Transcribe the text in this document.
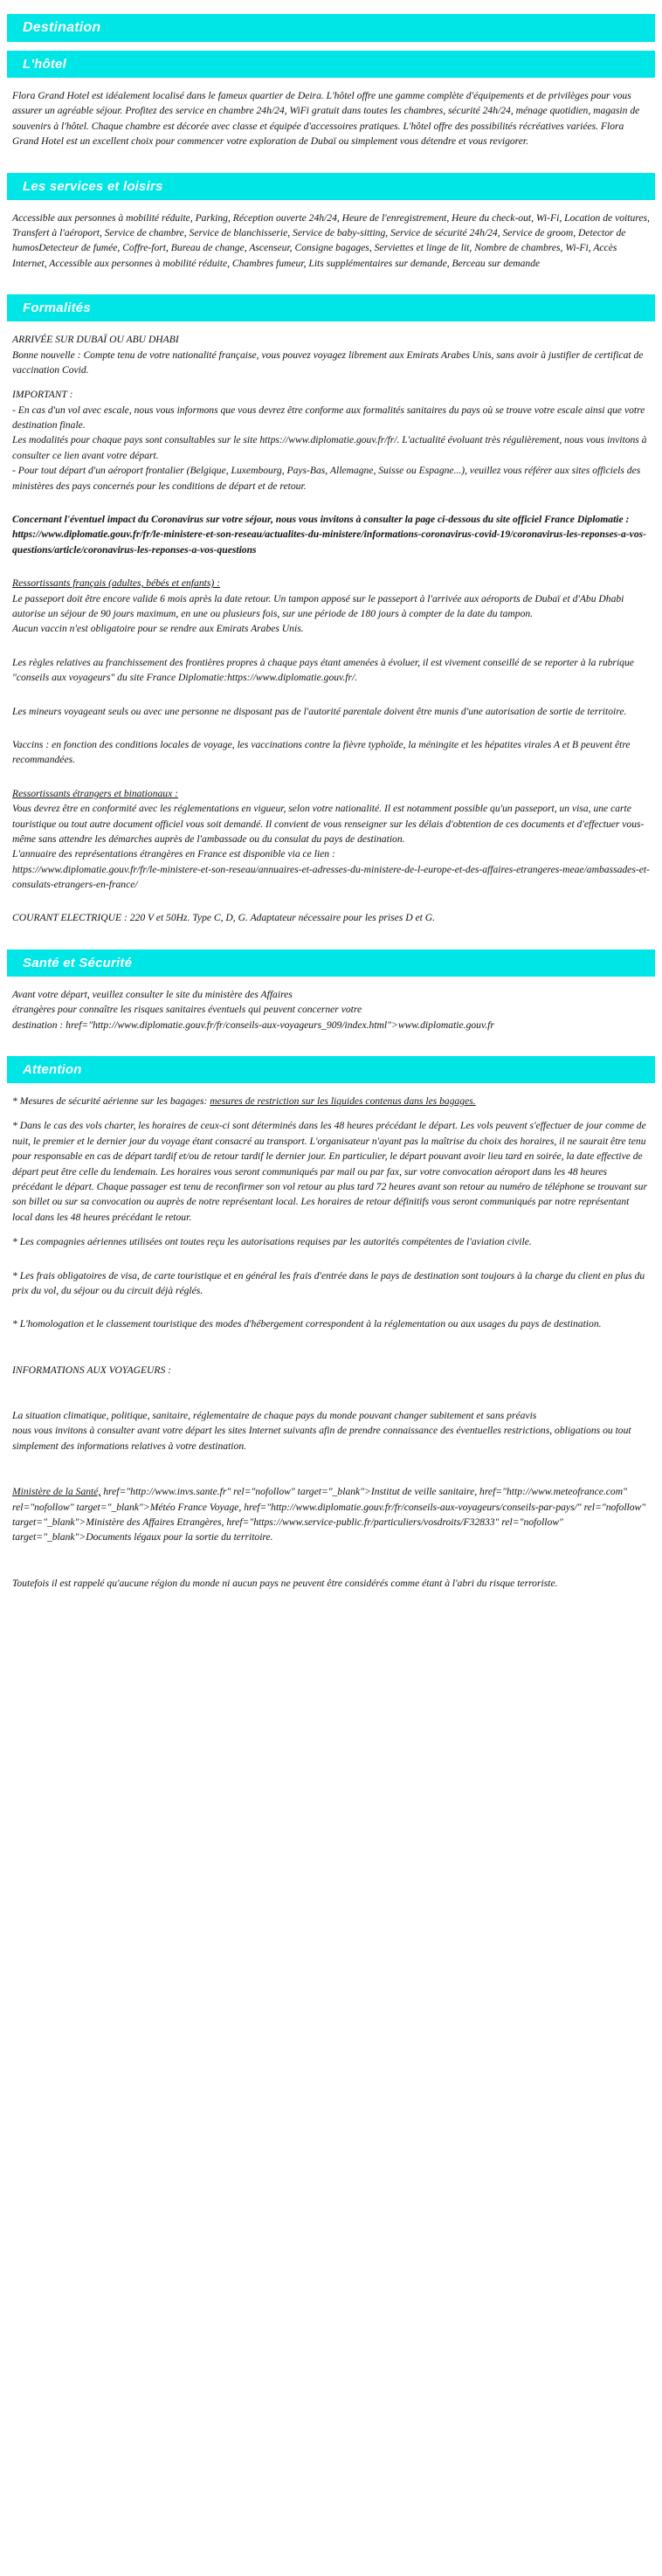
Destination
L'hôtel

Flora Grand Hotel est idéalement localisé dans le fameux quartier de Deira. L'hôtel offre une gamme complète d'équipements et de privilèges pour vous assurer un agréable séjour. Profitez des service en chambre 24h/24, WiFi gratuit dans toutes les chambres, sécurité 24h/24, ménage quotidien, magasin de souvenirs à l'hôtel. Chaque chambre est décorée avec classe et équipée d'accessoires pratiques. L'hôtel offre des possibilités récréatives variées. Flora Grand Hotel est un excellent choix pour commencer votre exploration de Dubaï ou simplement vous détendre et vous revigorer.

Les services et loisirs

Accessible aux personnes à mobilité réduite, Parking, Réception ouverte 24h/24, Heure de l'enregistrement, Heure du check-out, Wi-Fi, Location de voitures, Transfert à l'aéroport, Service de chambre, Service de blanchisserie, Service de baby-sitting, Service de sécurité 24h/24, Service de groom, Detector de humosDetecteur de fumée, Coffre-fort, Bureau de change, Ascenseur, Consigne bagages, Serviettes et linge de lit, Nombre de chambres, Wi-Fi, Accès Internet, Accessible aux personnes à mobilité réduite, Chambres fumeur, Lits supplémentaires sur demande, Berceau sur demande

Formalités

ARRIVÉE SUR DUBAÏ OU ABU DHABI

Bonne nouvelle : Compte tenu de votre nationalité française, vous pouvez voyagez librement aux Emirats Arabes Unis, sans avoir à justifier de certificat de vaccination Covid.

IMPORTANT :

- En cas d'un vol avec escale, nous vous informons que vous devrez être conforme aux formalités sanitaires du pays où se trouve votre escale ainsi que votre destination finale.

Les modalités pour chaque pays sont consultables sur le site https://www.diplomatie.gouv.fr/fr/. L'actualité évoluant très régulièrement, nous vous invitons à consulter ce lien avant votre départ.

- Pour tout départ d'un aéroport frontalier (Belgique, Luxembourg, Pays-Bas, Allemagne, Suisse ou Espagne...), veuillez vous référer aux sites officiels des ministères des pays concernés pour les conditions de départ et de retour.

Concernant l'éventuel impact du Coronavirus sur votre séjour, nous vous invitons à consulter la page ci-dessous du site officiel France Diplomatie :

https://www.diplomatie.gouv.fr/fr/le-ministere-et-son-reseau/actualites-du-ministere/informations-coronavirus-covid-19/coronavirus-les-reponses-a-vos-questions/article/coronavirus-les-reponses-a-vos-questions

Ressortissants français (adultes, bébés et enfants) :

Le passeport doit être encore valide 6 mois après la date retour. Un tampon apposé sur le passeport à l'arrivée aux aéroports de Dubaï et d'Abu Dhabi autorise un séjour de 90 jours maximum, en une ou plusieurs fois, sur une période de 180 jours à compter de la date du tampon.

Aucun vaccin n'est obligatoire pour se rendre aux Emirats Arabes Unis.

Les règles relatives au franchissement des frontières propres à chaque pays étant amenées à évoluer, il est vivement conseillé de se reporter à la rubrique "conseils aux voyageurs" du site France Diplomatie:https://www.diplomatie.gouv.fr/.

Les mineurs voyageant seuls ou avec une personne ne disposant pas de l'autorité parentale doivent être munis d'une autorisation de sortie de territoire.

Vaccins : en fonction des conditions locales de voyage, les vaccinations contre la fièvre typhoïde, la méningite et les hépatites virales A et B peuvent être recommandées.

Ressortissants étrangers et binationaux :

Vous devrez être en conformité avec les réglementations en vigueur, selon votre nationalité. Il est notamment possible qu'un passeport, un visa, une carte touristique ou tout autre document officiel vous soit demandé. Il convient de vous renseigner sur les délais d'obtention de ces documents et d'effectuer vous-même sans attendre les démarches auprès de l'ambassade ou du consulat du pays de destination.

L'annuaire des représentations étrangères en France est disponible via ce lien :

https://www.diplomatie.gouv.fr/fr/le-ministere-et-son-reseau/annuaires-et-adresses-du-ministere-de-l-europe-et-des-affaires-etrangeres-meae/ambassades-et-consulats-etrangers-en-france/

COURANT ELECTRIQUE : 220 V et 50Hz. Type C, D, G. Adaptateur nécessaire pour les prises D et G.

Santé et Sécurité

Avant votre départ, veuillez consulter le site du ministère des Affaires

étrangères pour connaître les risques sanitaires éventuels qui peuvent concerner votre

destination : href="http://www.diplomatie.gouv.fr/fr/conseils-aux-voyageurs_909/index.html">www.diplomatie.gouv.fr

Attention

* Mesures de sécurité aérienne sur les bagages: mesures de restriction sur les liquides contenus dans les bagages.

* Dans le cas des vols charter, les horaires de ceux-ci sont déterminés dans les 48 heures précédant le départ. Les vols peuvent s'effectuer de jour comme de nuit, le premier et le dernier jour du voyage étant consacré au transport. L'organisateur n'ayant pas la maîtrise du choix des horaires, il ne saurait être tenu pour responsable en cas de départ tardif et/ou de retour tardif le dernier jour. En particulier, le départ pouvant avoir lieu tard en soirée, la date effective de départ peut être celle du lendemain. Les horaires vous seront communiqués par mail ou par fax, sur votre convocation aéroport dans les 48 heures précédant le départ. Chaque passager est tenu de reconfirmer son vol retour au plus tard 72 heures avant son retour au numéro de téléphone se trouvant sur son billet ou sur sa convocation ou auprès de notre représentant local. Les horaires de retour définitifs vous seront communiqués par notre représentant local dans les 48 heures précédant le retour.

* Les compagnies aériennes utilisées ont toutes reçu les autorisations requises par les autorités compétentes de l'aviation civile.

* Les frais obligatoires de visa, de carte touristique et en général les frais d'entrée dans le pays de destination sont toujours à la charge du client en plus du prix du vol, du séjour ou du circuit déjà réglés.

* L'homologation et le classement touristique des modes d'hébergement correspondent à la réglementation ou aux usages du pays de destination.

INFORMATIONS AUX VOYAGEURS :

La situation climatique, politique, sanitaire, réglementaire de chaque pays du monde pouvant changer subitement et sans préavis

nous vous invitons à consulter avant votre départ les sites Internet suivants afin de prendre connaissance des éventuelles restrictions, obligations ou tout simplement des informations relatives à votre destination.

Ministère de la Santé, href="http://www.invs.sante.fr" rel="nofollow" target="_blank">Institut de veille sanitaire, href="http://www.meteofrance.com" rel="nofollow" target="_blank">Météo France Voyage, href="http://www.diplomatie.gouv.fr/fr/conseils-aux-voyageurs/conseils-par-pays/" rel="nofollow" target="_blank">Ministère des Affaires Etrangères, href="https://www.service-public.fr/particuliers/vosdroits/F32833" rel="nofollow" target="_blank">Documents légaux pour la sortie du territoire.

Toutefois il est rappelé qu'aucune région du monde ni aucun pays ne peuvent être considérés comme étant à l'abri du risque terroriste.
